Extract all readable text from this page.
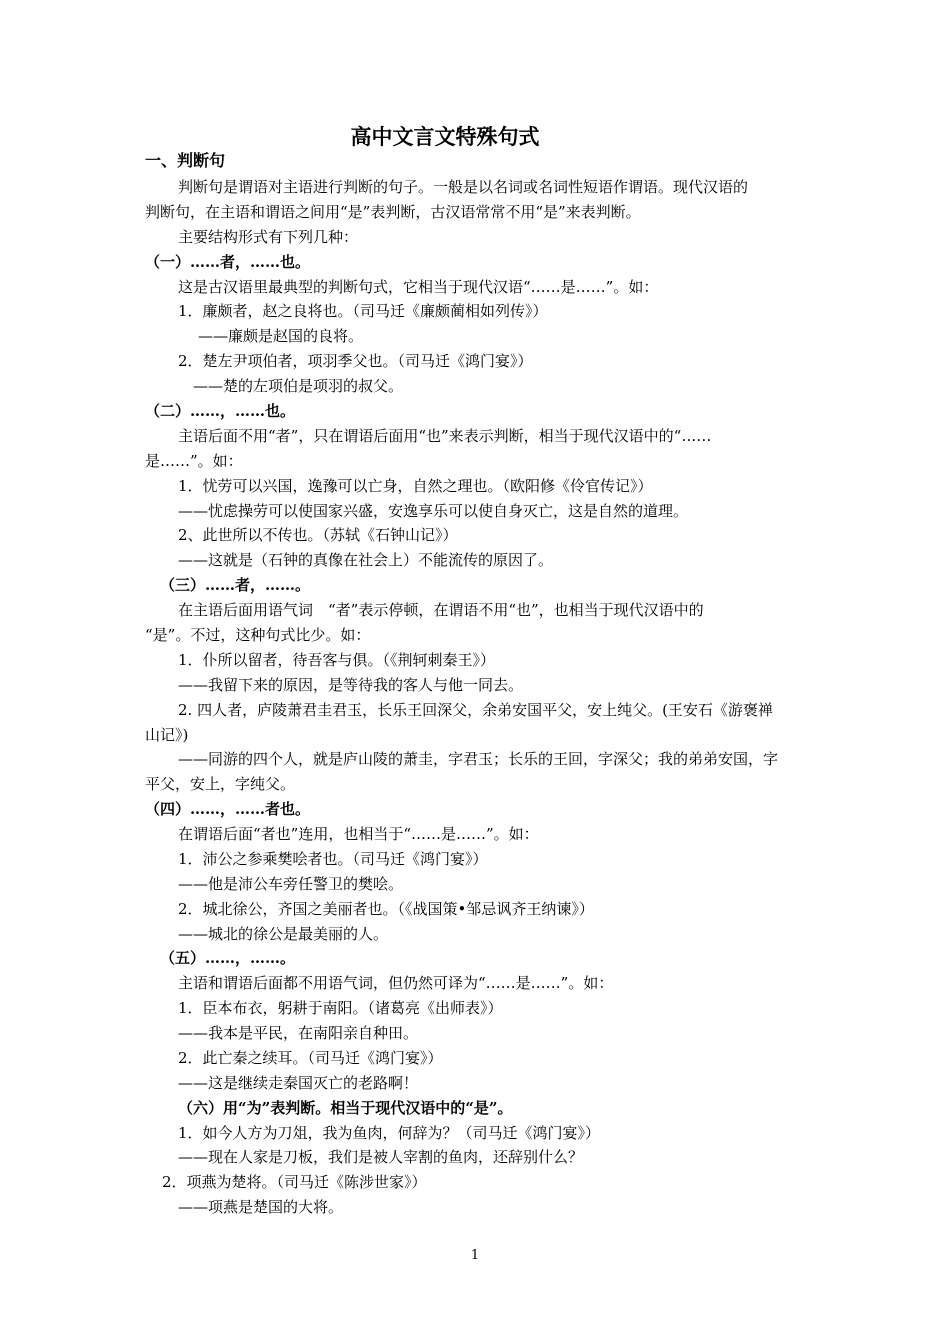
高中文言文特殊句式
一、判断句
判断句是谓语对主语进行判断的句子。一般是以名词或名词性短语作谓语。现代汉语的
判断句，在主语和谓语之间用“是”表判断，古汉语常常不用“是”来表判断。
主要结构形式有下列几种：
（一）……者，……也。
这是古汉语里最典型的判断句式，它相当于现代汉语“……是……”。如：
1．廉颇者，赵之良将也。（司马迁《廉颇蔺相如列传》）
——廉颇是赵国的良将。
2．楚左尹项伯者，项羽季父也。（司马迁《鸿门宴》）
——楚的左项伯是项羽的叔父。
（二）……，……也。
主语后面不用“者”，只在谓语后面用“也”来表示判断，相当于现代汉语中的“……
是……”。如：
1．忧劳可以兴国，逸豫可以亡身，自然之理也。（欧阳修《伶官传记》）
——忧虑操劳可以使国家兴盛，安逸享乐可以使自身灭亡，这是自然的道理。
2、此世所以不传也。（苏轼《石钟山记》）
——这就是（石钟的真像在社会上）不能流传的原因了。
（三）……者，……。
在主语后面用语气词　“者”表示停顿，在谓语不用“也”，也相当于现代汉语中的
“是”。不过，这种句式比少。如：
1．仆所以留者，待吾客与俱。（《荆轲刺秦王》）
——我留下来的原因，是等待我的客人与他一同去。
2. 四人者，庐陵萧君圭君玉，长乐王回深父，余弟安国平父，安上纯父。(王安石《游褒禅
山记》)
——同游的四个人，就是庐山陵的萧圭，字君玉；长乐的王回，字深父；我的弟弟安国，字
平父，安上，字纯父。
（四）……，……者也。
在谓语后面“者也”连用，也相当于“……是……”。如：
1．沛公之参乘樊哙者也。（司马迁《鸿门宴》）
——他是沛公车旁任警卫的樊哙。
2．城北徐公，齐国之美丽者也。（《战国策•邹忌讽齐王纳谏》）
——城北的徐公是最美丽的人。
（五）……，……。
主语和谓语后面都不用语气词，但仍然可译为“……是……”。如：
1．臣本布衣，躬耕于南阳。（诸葛亮《出师表》）
——我本是平民，在南阳亲自种田。
2．此亡秦之续耳。（司马迁《鸿门宴》）
——这是继续走秦国灭亡的老路啊！
（六）用“为”表判断。相当于现代汉语中的“是”。
1．如今人方为刀俎，我为鱼肉，何辞为？（司马迁《鸿门宴》）
——现在人家是刀板，我们是被人宰割的鱼肉，还辞别什么？
2．项燕为楚将。（司马迁《陈涉世家》）
——项燕是楚国的大将。
1
